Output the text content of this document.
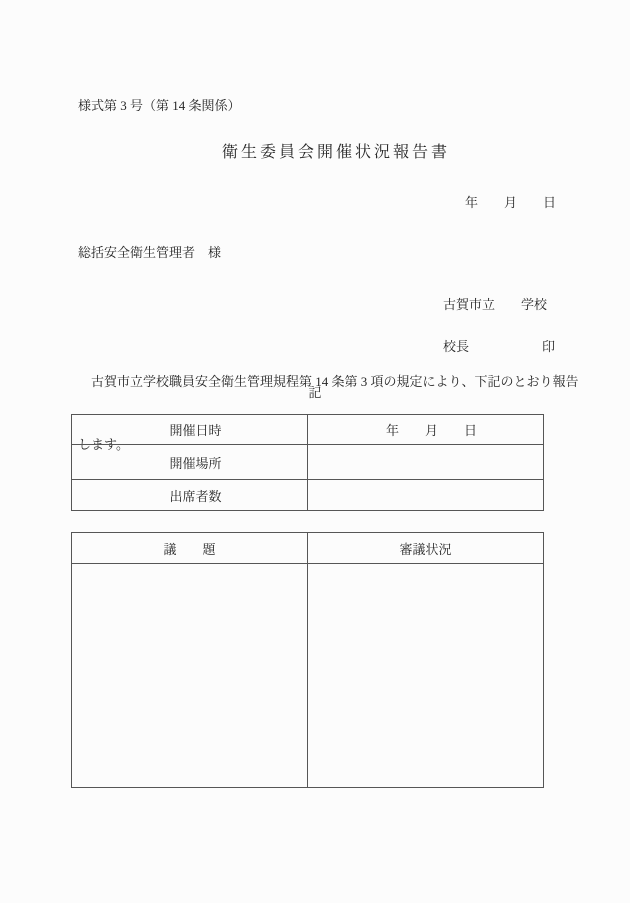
様式第 3 号（第 14 条関係）
衛生委員会開催状況報告書
年　　月　　日
総括安全衛生管理者　様

古賀市立　　学校

校長	印

　古賀市立学校職員安全衛生管理規程第 14 条第 3 項の規定により、下記のとおり報告

します。

記
開催日時	年　　月　　日
開催場所	
出席者数	
議　　題	審議状況
